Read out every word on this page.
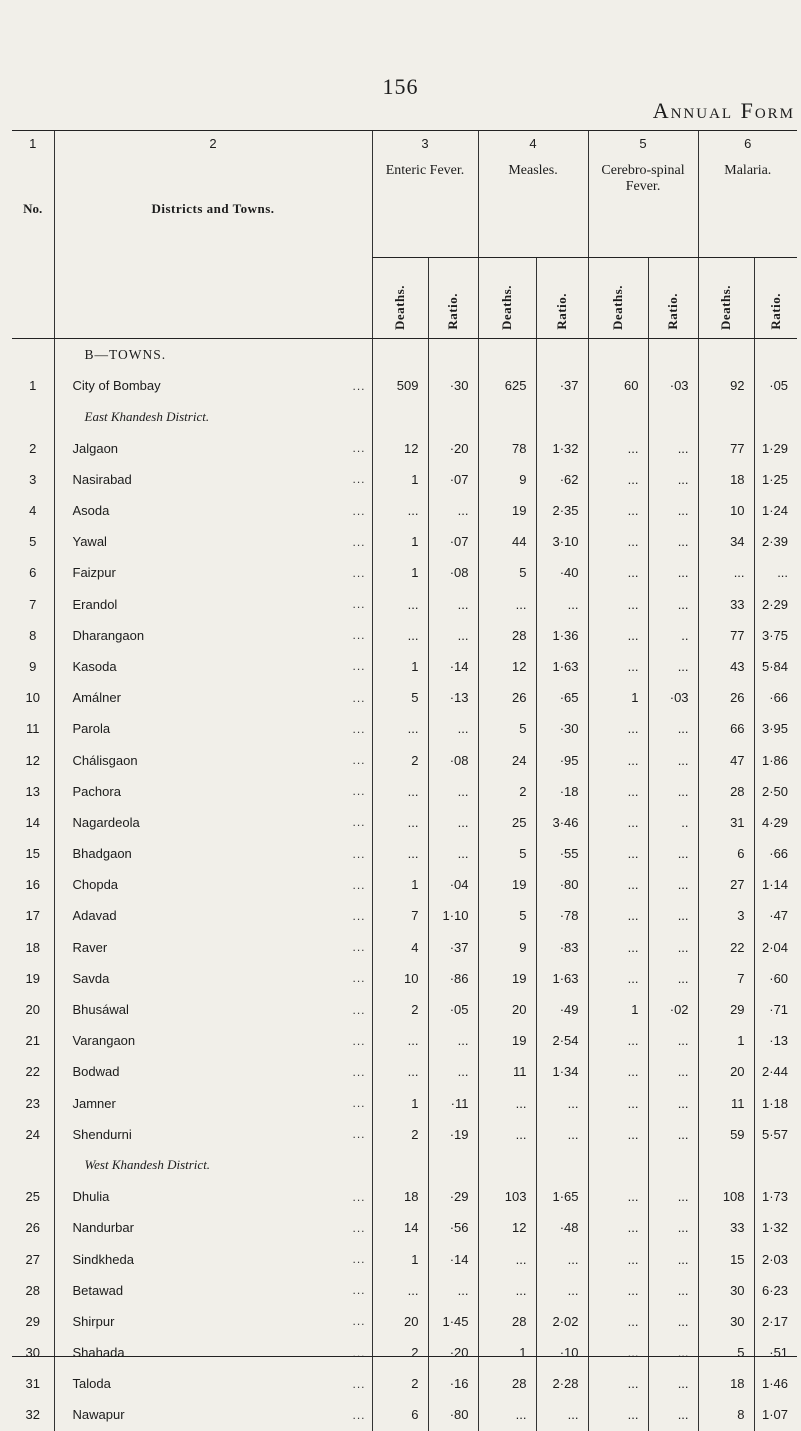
156
Annual Form
1
No.	2
Districts and Towns.	3
Enteric Fever.		4
Measles.		5
Cerebro-spinal Fever.		6
Malaria.	

		Deaths.	Ratio.	Deaths.	Ratio.	Deaths.	Ratio.	Deaths.	Ratio.

	B—TOWNS.								
1	City of Bombay ...	509	·30	625	·37	60	·03	92	·05
	East Khandesh District.								
2	Jalgaon ...	12	·20	78	1·32	...	...	77	1·29
3	Nasirabad ...	1	·07	9	·62	...	...	18	1·25
4	Asoda ...	...	...	19	2·35	...	...	10	1·24
5	Yawal ...	1	·07	44	3·10	...	...	34	2·39
6	Faizpur ...	1	·08	5	·40	...	...	...	...
7	Erandol ...	...	...	...	...	...	...	33	2·29
8	Dharangaon ...	...	...	28	1·36	...	..	77	3·75
9	Kasoda ...	1	·14	12	1·63	...	...	43	5·84
10	Amálner ...	5	·13	26	·65	1	·03	26	·66
11	Parola ...	...	...	5	·30	...	...	66	3·95
12	Chálisgaon ...	2	·08	24	·95	...	...	47	1·86
13	Pachora ...	...	...	2	·18	...	...	28	2·50
14	Nagardeola ...	...	...	25	3·46	...	..	31	4·29
15	Bhadgaon ...	...	...	5	·55	...	...	6	·66
16	Chopda ...	1	·04	19	·80	...	...	27	1·14
17	Adavad ...	7	1·10	5	·78	...	...	3	·47
18	Raver ...	4	·37	9	·83	...	...	22	2·04
19	Savda ...	10	·86	19	1·63	...	...	7	·60
20	Bhusáwal ...	2	·05	20	·49	1	·02	29	·71
21	Varangaon ...	...	...	19	2·54	...	...	1	·13
22	Bodwad ...	...	...	11	1·34	...	...	20	2·44
23	Jamner ...	1	·11	...	...	...	...	11	1·18
24	Shendurni ...	2	·19	...	...	...	...	59	5·57
	West Khandesh District.								
25	Dhulia ...	18	·29	103	1·65	...	...	108	1·73
26	Nandurbar ...	14	·56	12	·48	...	...	33	1·32
27	Sindkheda ...	1	·14	...	...	...	...	15	2·03
28	Betawad ...	...	...	...	...	...	...	30	6·23
29	Shirpur ...	20	1·45	28	2·02	...	...	30	2·17
30	Shahada ...	2	·20	1	·10	...	...	5	·51
31	Taloda ...	2	·16	28	2·28	...	...	18	1·46
32	Nawapur ...	6	·80	...	...	...	...	8	1·07
